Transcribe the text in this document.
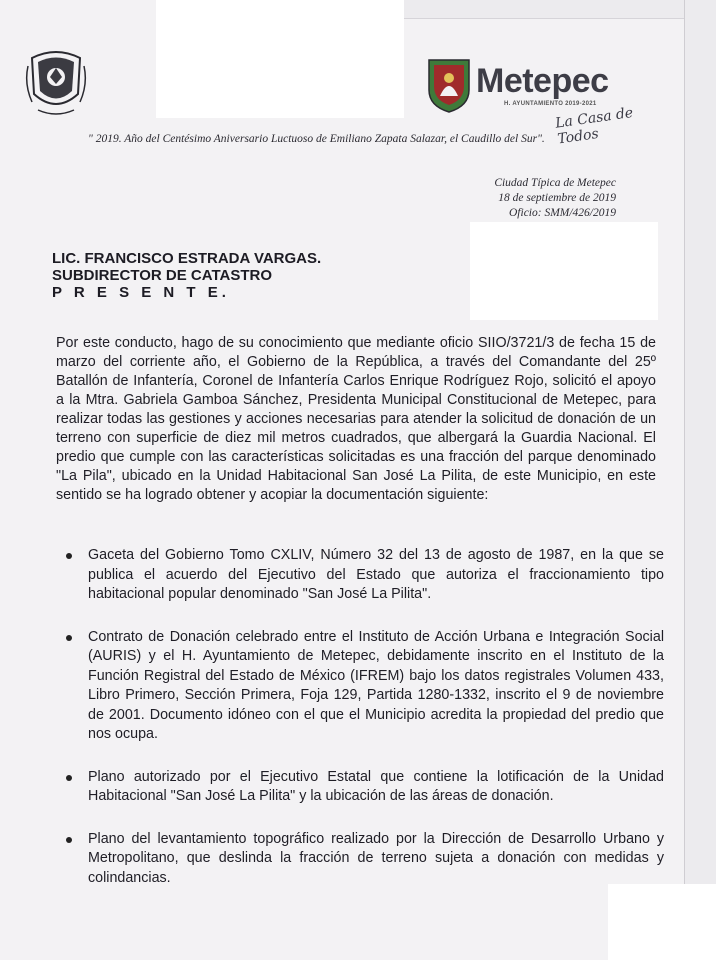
Metepec
H. AYUNTAMIENTO 2019-2021
La Casa de Todos
" 2019. Año del Centésimo Aniversario Luctuoso de Emiliano Zapata Salazar, el Caudillo del Sur".
Ciudad Típica de Metepec
18 de septiembre de 2019
Oficio: SMM/426/2019
LIC. FRANCISCO ESTRADA VARGAS.
SUBDIRECTOR DE CATASTRO
P R E S E N T E.
Por este conducto, hago de su conocimiento que mediante oficio SIIO/3721/3 de fecha 15 de marzo del corriente año, el Gobierno de la República, a través del Comandante del 25º Batallón de Infantería, Coronel de Infantería Carlos Enrique Rodríguez Rojo, solicitó el apoyo a la Mtra. Gabriela Gamboa Sánchez, Presidenta Municipal Constitucional de Metepec, para realizar todas las gestiones y acciones necesarias para atender la solicitud de donación de un terreno con superficie de diez mil metros cuadrados, que albergará la Guardia Nacional. El predio que cumple con las características solicitadas es una fracción del parque denominado "La Pila", ubicado en la Unidad Habitacional San José La Pilita, de este Municipio, en este sentido se ha logrado obtener y acopiar la documentación siguiente:
Gaceta del Gobierno Tomo CXLIV, Número 32 del 13 de agosto de 1987, en la que se publica el acuerdo del Ejecutivo del Estado que autoriza el fraccionamiento tipo habitacional popular denominado "San José La Pilita".
Contrato de Donación celebrado entre el Instituto de Acción Urbana e Integración Social (AURIS) y el H. Ayuntamiento de Metepec, debidamente inscrito en el Instituto de la Función Registral del Estado de México (IFREM) bajo los datos registrales Volumen 433, Libro Primero, Sección Primera, Foja 129, Partida 1280-1332, inscrito el 9 de noviembre de 2001. Documento idóneo con el que el Municipio acredita la propiedad del predio que nos ocupa.
Plano autorizado por el Ejecutivo Estatal que contiene la lotificación de la Unidad Habitacional "San José La Pilita" y la ubicación de las áreas de donación.
Plano del levantamiento topográfico realizado por la Dirección de Desarrollo Urbano y Metropolitano, que deslinda la fracción de terreno sujeta a donación con medidas y colindancias.
